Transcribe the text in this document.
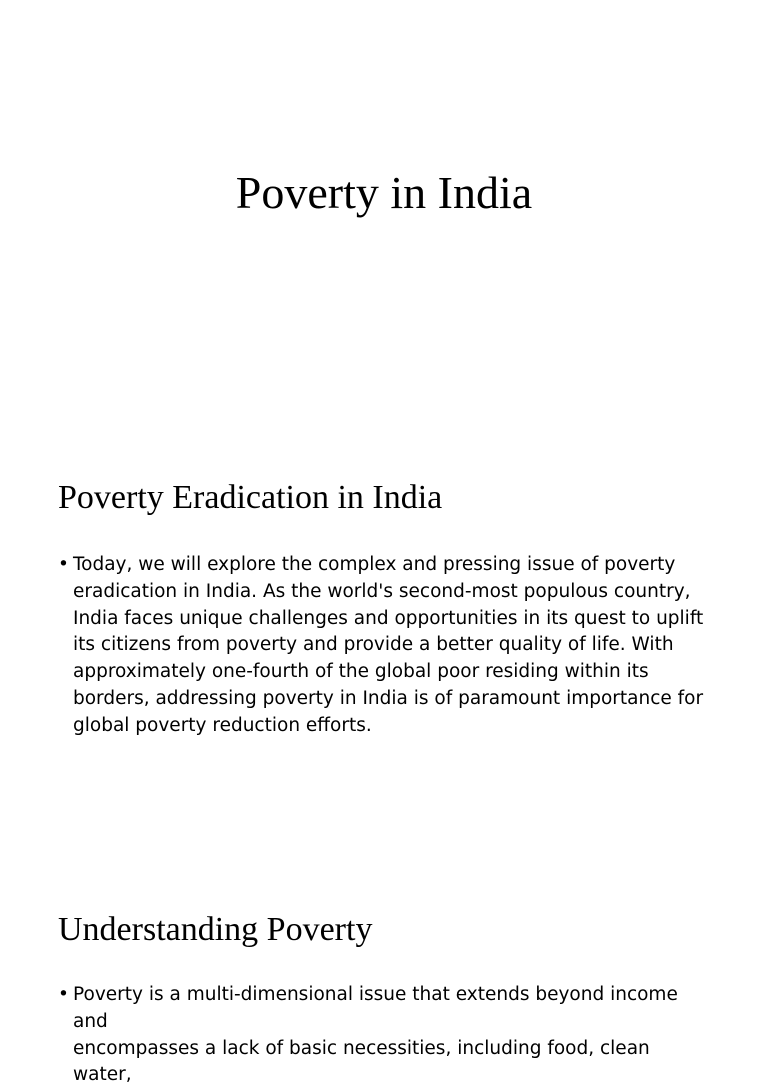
Poverty in India
Poverty Eradication in India
• Today, we will explore the complex and pressing issue of poverty
eradication in India. As the world's second-most populous country,
India faces unique challenges and opportunities in its quest to uplift
its citizens from poverty and provide a better quality of life. With
approximately one-fourth of the global poor residing within its
borders, addressing poverty in India is of paramount importance for
global poverty reduction efforts.
Understanding Poverty
• Poverty is a multi-dimensional issue that extends beyond income and
encompasses a lack of basic necessities, including food, clean water,
